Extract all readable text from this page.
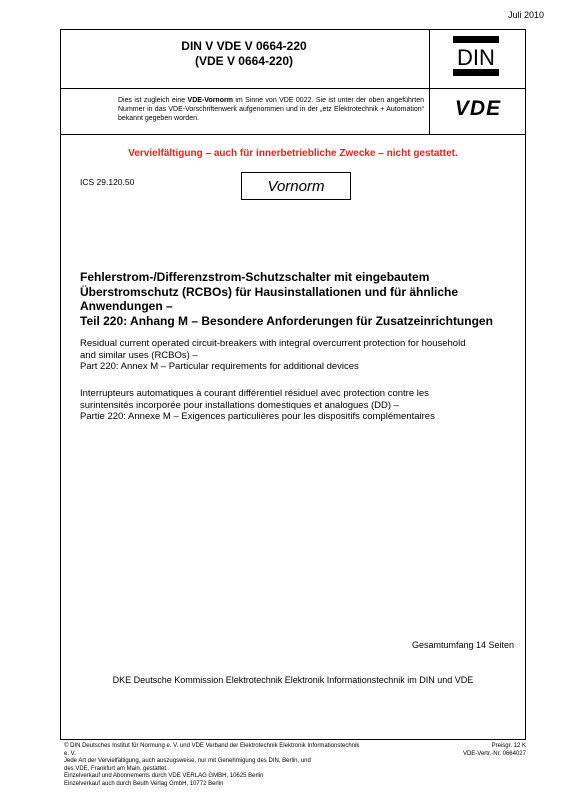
Juli 2010
DIN V VDE V 0664-220
(VDE V 0664-220)	DIN
VDE
Dies ist zugleich eine VDE-Vornorm im Sinne von VDE 0022. Sie ist unter der oben angeführten Nummer in das VDE-Vorschriftenwerk aufgenommen und in der „etz Elektrotechnik + Automation“ bekannt gegeben worden.
Vervielfältigung – auch für innerbetriebliche Zwecke – nicht gestattet.
ICS 29.120.50	Vornorm
Fehlerstrom-/Differenzstrom-Schutzschalter mit eingebautem
Überstromschutz (RCBOs) für Hausinstallationen und für ähnliche
Anwendungen –
Teil 220: Anhang M – Besondere Anforderungen für Zusatzeinrichtungen
Residual current operated circuit-breakers with integral overcurrent protection for household
and similar uses (RCBOs) –
Part 220: Annex M – Particular requirements for additional devices
Interrupteurs automatiques à courant différentiel résiduel avec protection contre les
surintensités incorporée pour installations domestiques et analogues (DD) –
Partie 220: Annexe M – Exigences particulières pour les dispositifs complémentaires
Gesamtumfang 14 Seiten
DKE Deutsche Kommission Elektrotechnik Elektronik Informationstechnik im DIN und VDE
© DIN Deutsches Institut für Normung e. V. und VDE Verband der Elektrotechnik Elektronik Informationstechnik e. V.
Jede Art der Vervielfältigung, auch auszugsweise, nur mit Genehmigung des DIN, Berlin, und
des VDE, Frankfurt am Main, gestattet.
Einzelverkauf und Abonnements durch VDE VERLAG GMBH, 10625 Berlin
Einzelverkauf auch durch Beuth Verlag GmbH, 10772 Berlin
Preisgr. 12 K
VDE-Vertr.-Nr. 0664027
